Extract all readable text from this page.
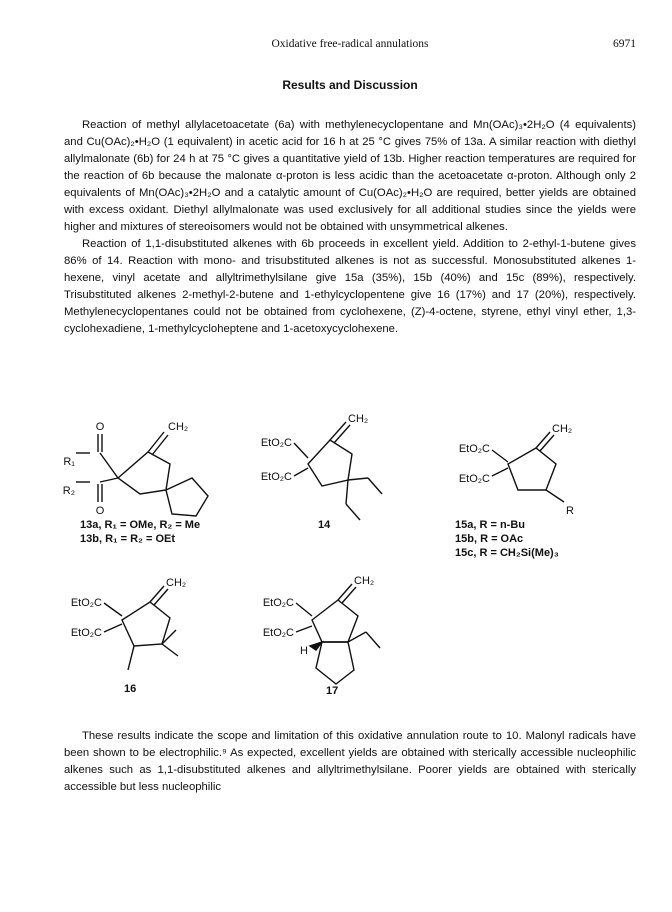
Oxidative free-radical annulations	6971
Results and Discussion

Reaction of methyl allylacetoacetate (6a) with methylenecyclopentane and Mn(OAc)₃•2H₂O (4 equivalents) and Cu(OAc)₂•H₂O (1 equivalent) in acetic acid for 16 h at 25 °C gives 75% of 13a. A similar reaction with diethyl allylmalonate (6b) for 24 h at 75 °C gives a quantitative yield of 13b. Higher reaction temperatures are required for the reaction of 6b because the malonate α-proton is less acidic than the acetoacetate α-proton. Although only 2 equivalents of Mn(OAc)₃•2H₂O and a catalytic amount of Cu(OAc)₂•H₂O are required, better yields are obtained with excess oxidant. Diethyl allylmalonate was used exclusively for all additional studies since the yields were higher and mixtures of stereoisomers would not be obtained with unsymmetrical alkenes.

Reaction of 1,1-disubstituted alkenes with 6b proceeds in excellent yield. Addition to 2-ethyl-1-butene gives 86% of 14. Reaction with mono- and trisubstituted alkenes is not as successful. Monosubstituted alkenes 1-hexene, vinyl acetate and allyltrimethylsilane give 15a (35%), 15b (40%) and 15c (89%), respectively. Trisubstituted alkenes 2-methyl-2-butene and 1-ethylcyclopentene give 16 (17%) and 17 (20%), respectively. Methylenecyclopentanes could not be obtained from cyclohexene, (Z)-4-octene, styrene, ethyl vinyl ether, 1,3-cyclohexadiene, 1-methylcycloheptene and 1-acetoxycyclohexene.

R₁
R₂
O
O
CH₂
13a, R₁ = OMe, R₂ = Me
13b, R₁ = R₂ = OEt
EtO₂C
EtO₂C
CH₂
14
EtO₂C
EtO₂C
CH₂
R
15a, R = n-Bu
15b, R = OAc
15c, R = CH₂Si(Me)₃
EtO₂C
EtO₂C
CH₂
16
EtO₂C
EtO₂C
CH₂
H
17

These results indicate the scope and limitation of this oxidative annulation route to 10. Malonyl radicals have been shown to be electrophilic.⁹ As expected, excellent yields are obtained with sterically accessible nucleophilic alkenes such as 1,1-disubstituted alkenes and allyltrimethylsilane. Poorer yields are obtained with sterically accessible but less nucleophilic
